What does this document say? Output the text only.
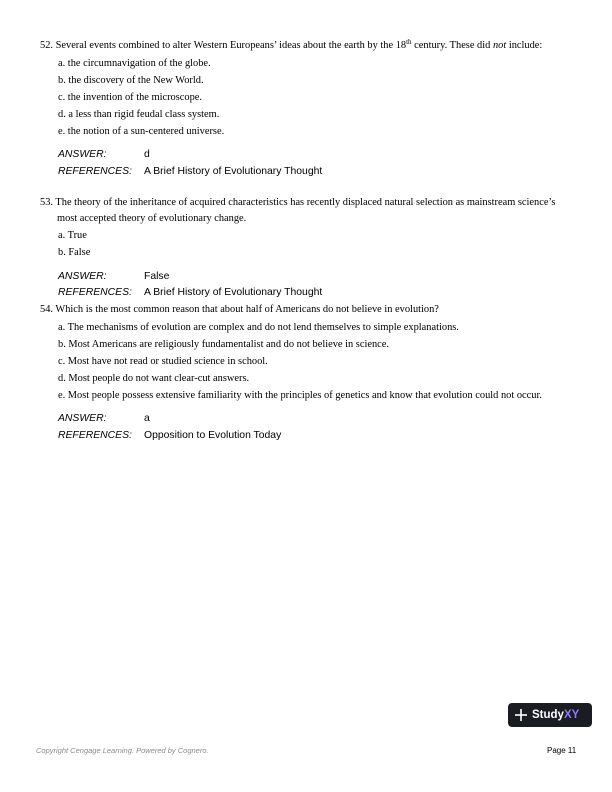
52. Several events combined to alter Western Europeans’ ideas about the earth by the 18th century. These did not include:
a. the circumnavigation of the globe.
b. the discovery of the New World.
c. the invention of the microscope.
d. a less than rigid feudal class system.
e. the notion of a sun-centered universe.
ANSWER:	d
REFERENCES:	A Brief History of Evolutionary Thought
53. The theory of the inheritance of acquired characteristics has recently displaced natural selection as mainstream science’s most accepted theory of evolutionary change.
a. True
b. False
ANSWER:	False
REFERENCES:	A Brief History of Evolutionary Thought
54. Which is the most common reason that about half of Americans do not believe in evolution?
a. The mechanisms of evolution are complex and do not lend themselves to simple explanations.
b. Most Americans are religiously fundamentalist and do not believe in science.
c. Most have not read or studied science in school.
d. Most people do not want clear-cut answers.
e. Most people possess extensive familiarity with the principles of genetics and know that evolution could not occur.
ANSWER:	a
REFERENCES:	Opposition to Evolution Today
StudyXY
Copyright Cengage Learning. Powered by Cognero.	Page 11
